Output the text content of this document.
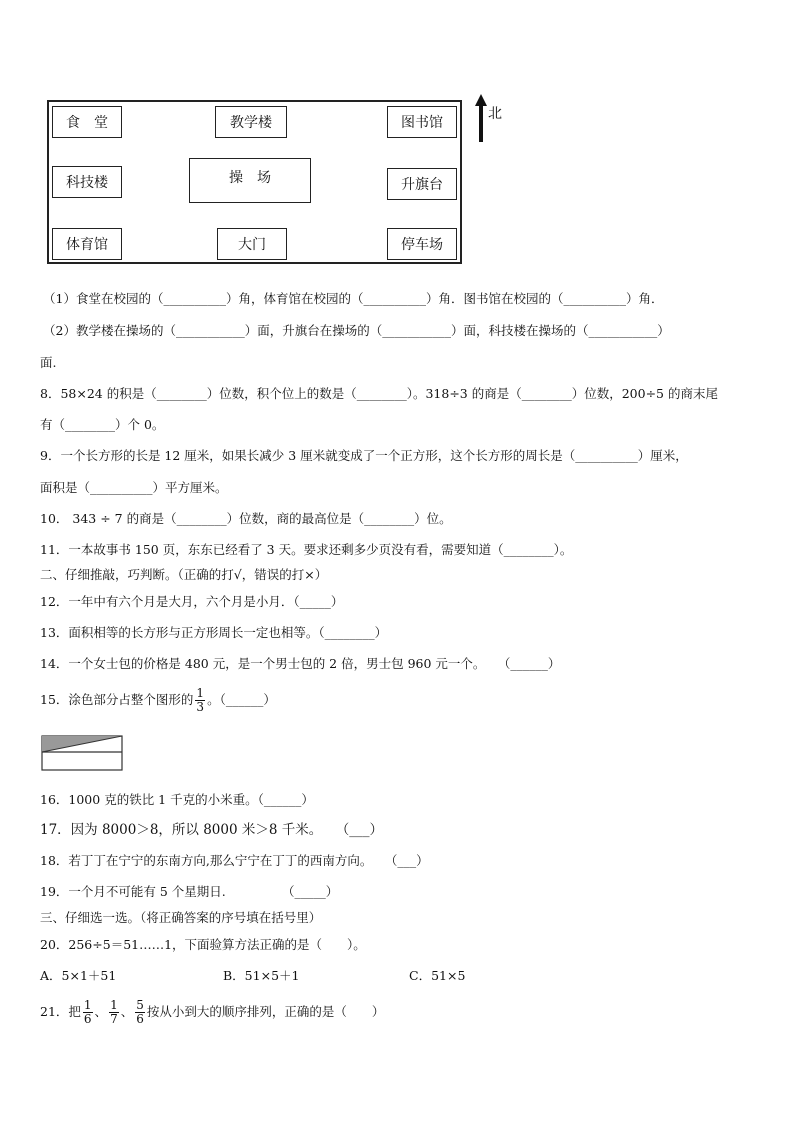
食　堂	教学楼	图书馆
科技楼	操　场	升旗台
体育馆	大门	停车场
北
（1）食堂在校园的（__________）角，体育馆在校园的（__________）角．图书馆在校园的（__________）角．
（2）教学楼在操场的（___________）面，升旗台在操场的（___________）面，科技楼在操场的（___________）
面.
8．58×24 的积是（________）位数，积个位上的数是（________）。318÷3 的商是（________）位数，200÷5 的商末尾
有（________）个 0。
9．一个长方形的长是 12 厘米，如果长减少 3 厘米就变成了一个正方形，这个长方形的周长是（__________）厘米，
面积是（__________）平方厘米。
10． 343 ÷ 7 的商是（________）位数，商的最高位是（________）位。
11．一本故事书 150 页，东东已经看了 3 天。要求还剩多少页没有看，需要知道（________）。
二、仔细推敲，巧判断。（正确的打√，错误的打×）
12．一年中有六个月是大月，六个月是小月．（_____）
13．面积相等的长方形与正方形周长一定也相等。（________）
14．一个女士包的价格是 480 元，是一个男士包的 2 倍，男士包 960 元一个。　　（______）
15．涂色部分占整个图形的 $\frac{1}{3}$ 。（______）
16．1000 克的铁比 1 千克的小米重。（______）
17．因为 8000＞8，所以 8000 米＞8 千米。　　（___）
18．若丁丁在宁宁的东南方向,那么宁宁在丁丁的西南方向。　　（___）
19．一个月不可能有 5 个星期日.　　　　　（_____）
三、仔细选一选。（将正确答案的序号填在括号里）
20．256÷5＝51……1，下面验算方法正确的是（　　）。
A．5×1＋51	B．51×5＋1	C．51×5
21．把 $\frac{1}{6}$ 、 $\frac{1}{7}$ 、 $\frac{5}{6}$ 按从小到大的顺序排列，正确的是（　　）
